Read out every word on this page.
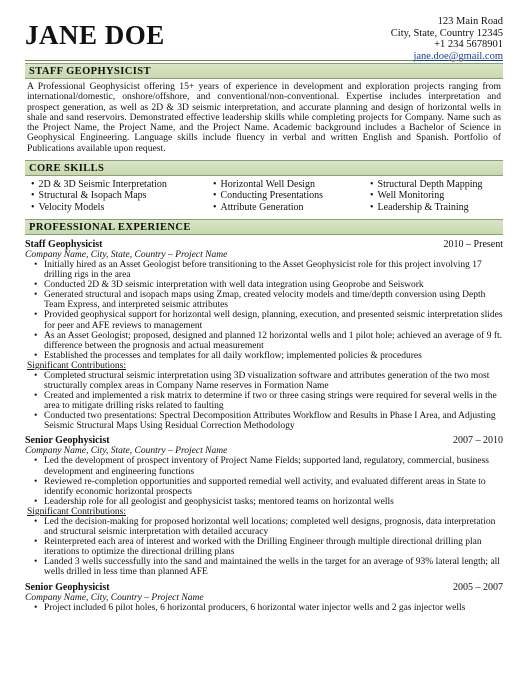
JANE DOE	123 Main Road
City, State, Country 12345
+1 234 5678901
jane.doe@gmail.com
STAFF GEOPHYSICIST
A Professional Geophysicist offering 15+ years of experience in development and exploration projects ranging from international/domestic, onshore/offshore, and conventional/non-conventional. Expertise includes interpretation and prospect generation, as well as 2D & 3D seismic interpretation, and accurate planning and design of horizontal wells in shale and sand reservoirs. Demonstrated effective leadership skills while completing projects for Company. Name such as the Project Name, the Project Name, and the Project Name. Academic background includes a Bachelor of Science in Geophysical Engineering. Language skills include fluency in verbal and written English and Spanish. Portfolio of Publications available upon request.
CORE SKILLS
• 2D & 3D Seismic Interpretation
• Structural & Isopach Maps
• Velocity Models
• Horizontal Well Design
• Conducting Presentations
• Attribute Generation
• Structural Depth Mapping
• Well Monitoring
• Leadership & Training
PROFESSIONAL EXPERIENCE
Staff Geophysicist	2010 – Present
Company Name, City, State, Country – Project Name
• Initially hired as an Asset Geologist before transitioning to the Asset Geophysicist role for this project involving 17 drilling rigs in the area
• Conducted 2D & 3D seismic interpretation with well data integration using Geoprobe and Seiswork
• Generated structural and isopach maps using Zmap, created velocity models and time/depth conversion using Depth Team Express, and interpreted seismic attributes
• Provided geophysical support for horizontal well design, planning, execution, and presented seismic interpretation slides for peer and AFE reviews to management
• As an Asset Geologist; proposed, designed and planned 12 horizontal wells and 1 pilot hole; achieved an average of 9 ft. difference between the prognosis and actual measurement
• Established the processes and templates for all daily workflow; implemented policies & procedures
Significant Contributions:
• Completed structural seismic interpretation using 3D visualization software and attributes generation of the two most structurally complex areas in Company Name reserves in Formation Name
• Created and implemented a risk matrix to determine if two or three casing strings were required for several wells in the area to mitigate drilling risks related to faulting
• Conducted two presentations: Spectral Decomposition Attributes Workflow and Results in Phase I Area, and Adjusting Seismic Structural Maps Using Residual Correction Methodology
Senior Geophysicist	2007 – 2010
Company Name, City, State, Country – Project Name
• Led the development of prospect inventory of Project Name Fields; supported land, regulatory, commercial, business development and engineering functions
• Reviewed re-completion opportunities and supported remedial well activity, and evaluated different areas in State to identify economic horizontal prospects
• Leadership role for all geologist and geophysicist tasks; mentored teams on horizontal wells
Significant Contributions:
• Led the decision-making for proposed horizontal well locations; completed well designs, prognosis, data interpretation and structural seismic interpretation with detailed accuracy
• Reinterpreted each area of interest and worked with the Drilling Engineer through multiple directional drilling plan iterations to optimize the directional drilling plans
• Landed 3 wells successfully into the sand and maintained the wells in the target for an average of 93% lateral length; all wells drilled in less time than planned AFE
Senior Geophysicist	2005 – 2007
Company Name, City, Country – Project Name
• Project included 6 pilot holes, 6 horizontal producers, 6 horizontal water injector wells and 2 gas injector wells
